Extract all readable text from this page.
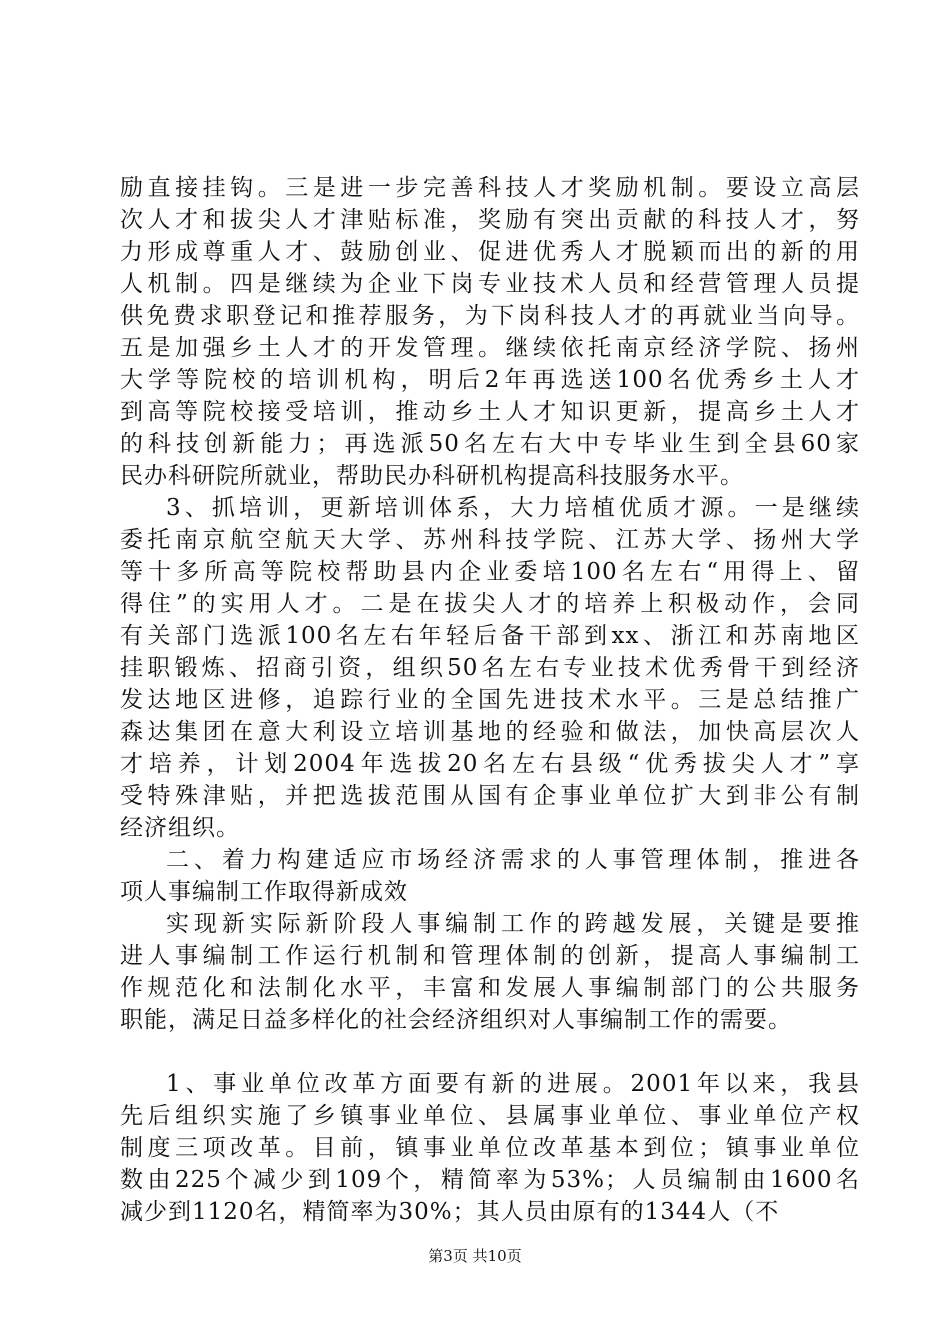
励直接挂钩。三是进一步完善科技人才奖励机制。要设立高层
次人才和拔尖人才津贴标准，奖励有突出贡献的科技人才，努
力形成尊重人才、鼓励创业、促进优秀人才脱颖而出的新的用
人机制。四是继续为企业下岗专业技术人员和经营管理人员提
供免费求职登记和推荐服务，为下岗科技人才的再就业当向导。
五是加强乡土人才的开发管理。继续依托南京经济学院、扬州
大学等院校的培训机构，明后2年再选送100名优秀乡土人才
到高等院校接受培训，推动乡土人才知识更新，提高乡土人才
的科技创新能力；再选派50名左右大中专毕业生到全县60家
民办科研院所就业，帮助民办科研机构提高科技服务水平。
3、抓培训，更新培训体系，大力培植优质才源。一是继续
委托南京航空航天大学、苏州科技学院、江苏大学、扬州大学
等十多所高等院校帮助县内企业委培100名左右“用得上、留
得住”的实用人才。二是在拔尖人才的培养上积极动作，会同
有关部门选派100名左右年轻后备干部到xx、浙江和苏南地区
挂职锻炼、招商引资，组织50名左右专业技术优秀骨干到经济
发达地区进修，追踪行业的全国先进技术水平。三是总结推广
森达集团在意大利设立培训基地的经验和做法，加快高层次人
才培养，计划2004年选拔20名左右县级“优秀拔尖人才”享
受特殊津贴，并把选拔范围从国有企事业单位扩大到非公有制
经济组织。
二、着力构建适应市场经济需求的人事管理体制，推进各
项人事编制工作取得新成效
实现新实际新阶段人事编制工作的跨越发展，关键是要推
进人事编制工作运行机制和管理体制的创新，提高人事编制工
作规范化和法制化水平，丰富和发展人事编制部门的公共服务
职能，满足日益多样化的社会经济组织对人事编制工作的需要。
1、事业单位改革方面要有新的进展。2001年以来，我县
先后组织实施了乡镇事业单位、县属事业单位、事业单位产权
制度三项改革。目前，镇事业单位改革基本到位；镇事业单位
数由225个减少到109个，精简率为53%；人员编制由1600名
减少到1120名，精简率为30%；其人员由原有的1344人（不
第3页 共10页
